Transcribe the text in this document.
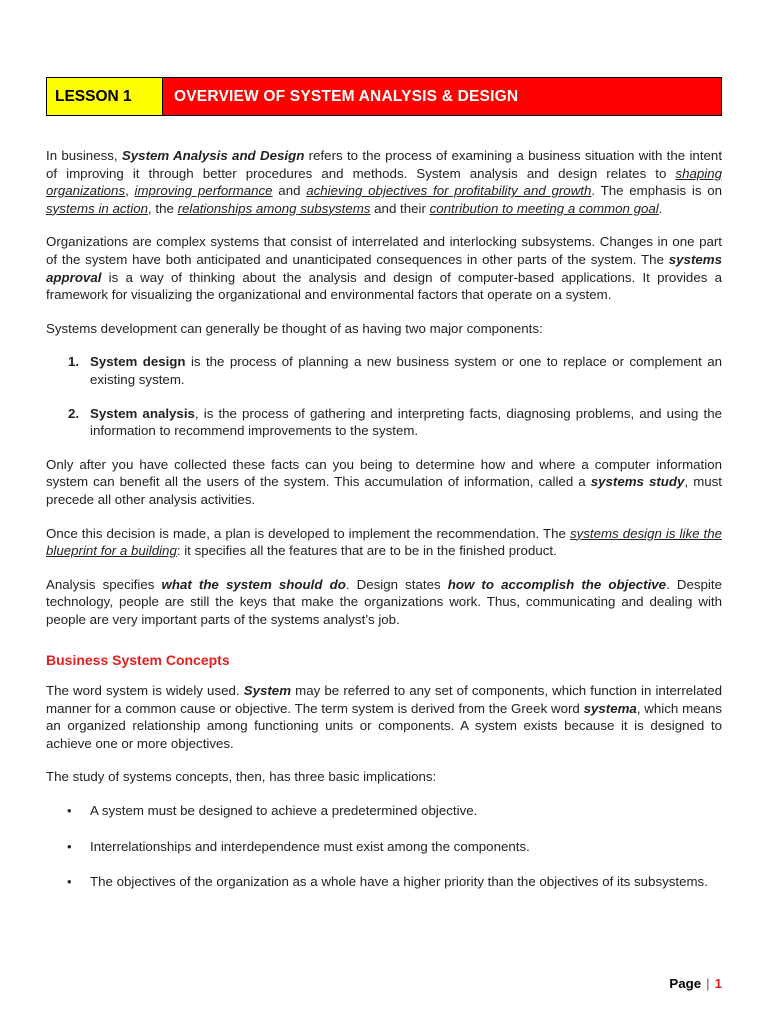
LESSON 1	OVERVIEW OF SYSTEM ANALYSIS & DESIGN

In business, System Analysis and Design refers to the process of examining a business situation with the intent of improving it through better procedures and methods. System analysis and design relates to shaping organizations, improving performance and achieving objectives for profitability and growth. The emphasis is on systems in action, the relationships among subsystems and their contribution to meeting a common goal.

Organizations are complex systems that consist of interrelated and interlocking subsystems. Changes in one part of the system have both anticipated and unanticipated consequences in other parts of the system. The systems approval is a way of thinking about the analysis and design of computer-based applications. It provides a framework for visualizing the organizational and environmental factors that operate on a system.

Systems development can generally be thought of as having two major components:

1. System design is the process of planning a new business system or one to replace or complement an existing system.
2. System analysis, is the process of gathering and interpreting facts, diagnosing problems, and using the information to recommend improvements to the system.

Only after you have collected these facts can you being to determine how and where a computer information system can benefit all the users of the system. This accumulation of information, called a systems study, must precede all other analysis activities.

Once this decision is made, a plan is developed to implement the recommendation. The systems design is like the blueprint for a building: it specifies all the features that are to be in the finished product.

Analysis specifies what the system should do. Design states how to accomplish the objective. Despite technology, people are still the keys that make the organizations work. Thus, communicating and dealing with people are very important parts of the systems analyst’s job.

Business System Concepts

The word system is widely used. System may be referred to any set of components, which function in interrelated manner for a common cause or objective. The term system is derived from the Greek word systema, which means an organized relationship among functioning units or components. A system exists because it is designed to achieve one or more objectives.

The study of systems concepts, then, has three basic implications:

• A system must be designed to achieve a predetermined objective.
• Interrelationships and interdependence must exist among the components.
• The objectives of the organization as a whole have a higher priority than the objectives of its subsystems.
Page | 1
